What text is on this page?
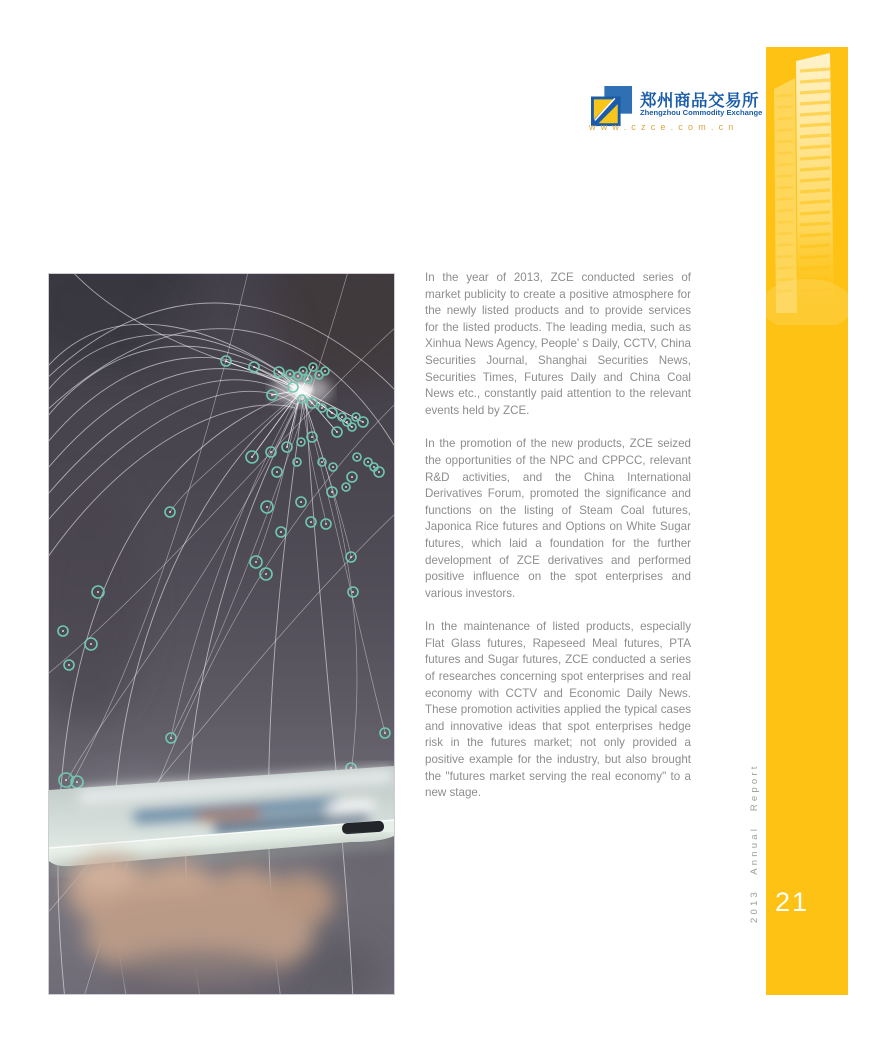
郑州商品交易所
Zhengzhou Commodity Exchange
www.czce.com.cn
21
2013 Annual Report

In the year of 2013, ZCE conducted series of market publicity to create a positive atmosphere for the newly listed products and to provide services for the listed products. The leading media, such as Xinhua News Agency, People' s Daily, CCTV, China Securities Journal, Shanghai Securities News, Securities Times, Futures Daily and China Coal News etc., constantly paid attention to the relevant events held by ZCE.

In the promotion of the new products, ZCE seized the opportunities of the NPC and CPPCC, relevant R&D activities, and the China International Derivatives Forum, promoted the significance and functions on the listing of Steam Coal futures, Japonica Rice futures and Options on White Sugar futures, which laid a foundation for the further development of ZCE derivatives and performed positive influence on the spot enterprises and various investors.

In the maintenance of listed products, especially Flat Glass futures, Rapeseed Meal futures, PTA futures and Sugar futures, ZCE conducted a series of researches concerning spot enterprises and real economy with CCTV and Economic Daily News. These promotion activities applied the typical cases and innovative ideas that spot enterprises hedge risk in the futures market; not only provided a positive example for the industry, but also brought the "futures market serving the real economy" to a new stage.
